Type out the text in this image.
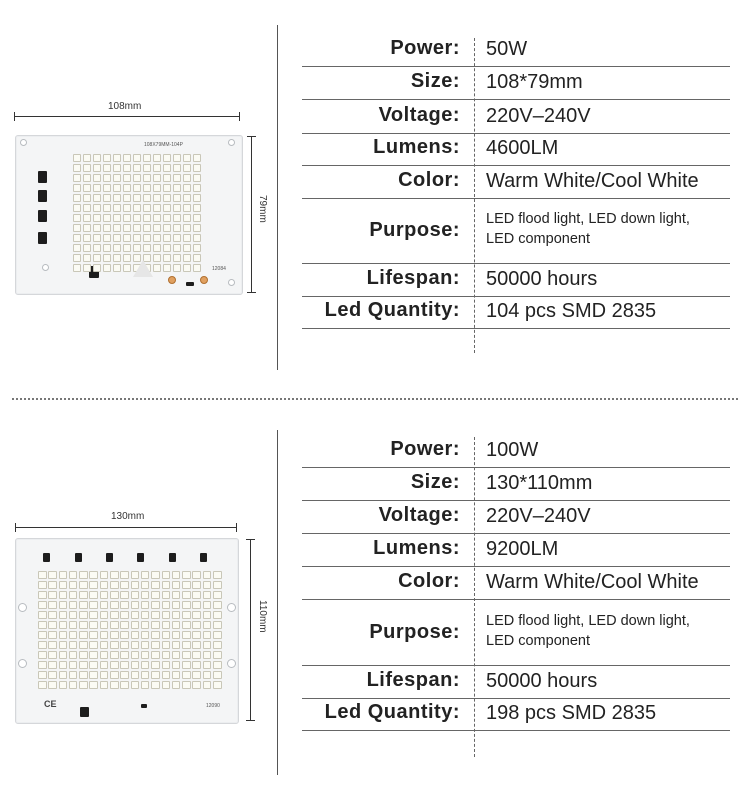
108mm
79mm
108X79MM-104P
12084
Power: 50W
Size: 108*79mm
Voltage: 220V–240V
Lumens: 4600LM
Color: Warm White/Cool White
Purpose: LED flood light, LED down light,
LED component
Lifespan: 50000 hours
Led Quantity: 104 pcs SMD 2835
130mm
110mm
CE	12090
Power: 100W
Size: 130*110mm
Voltage: 220V–240V
Lumens: 9200LM
Color: Warm White/Cool White
Purpose: LED flood light, LED down light,
LED component
Lifespan: 50000 hours
Led Quantity: 198 pcs SMD 2835
